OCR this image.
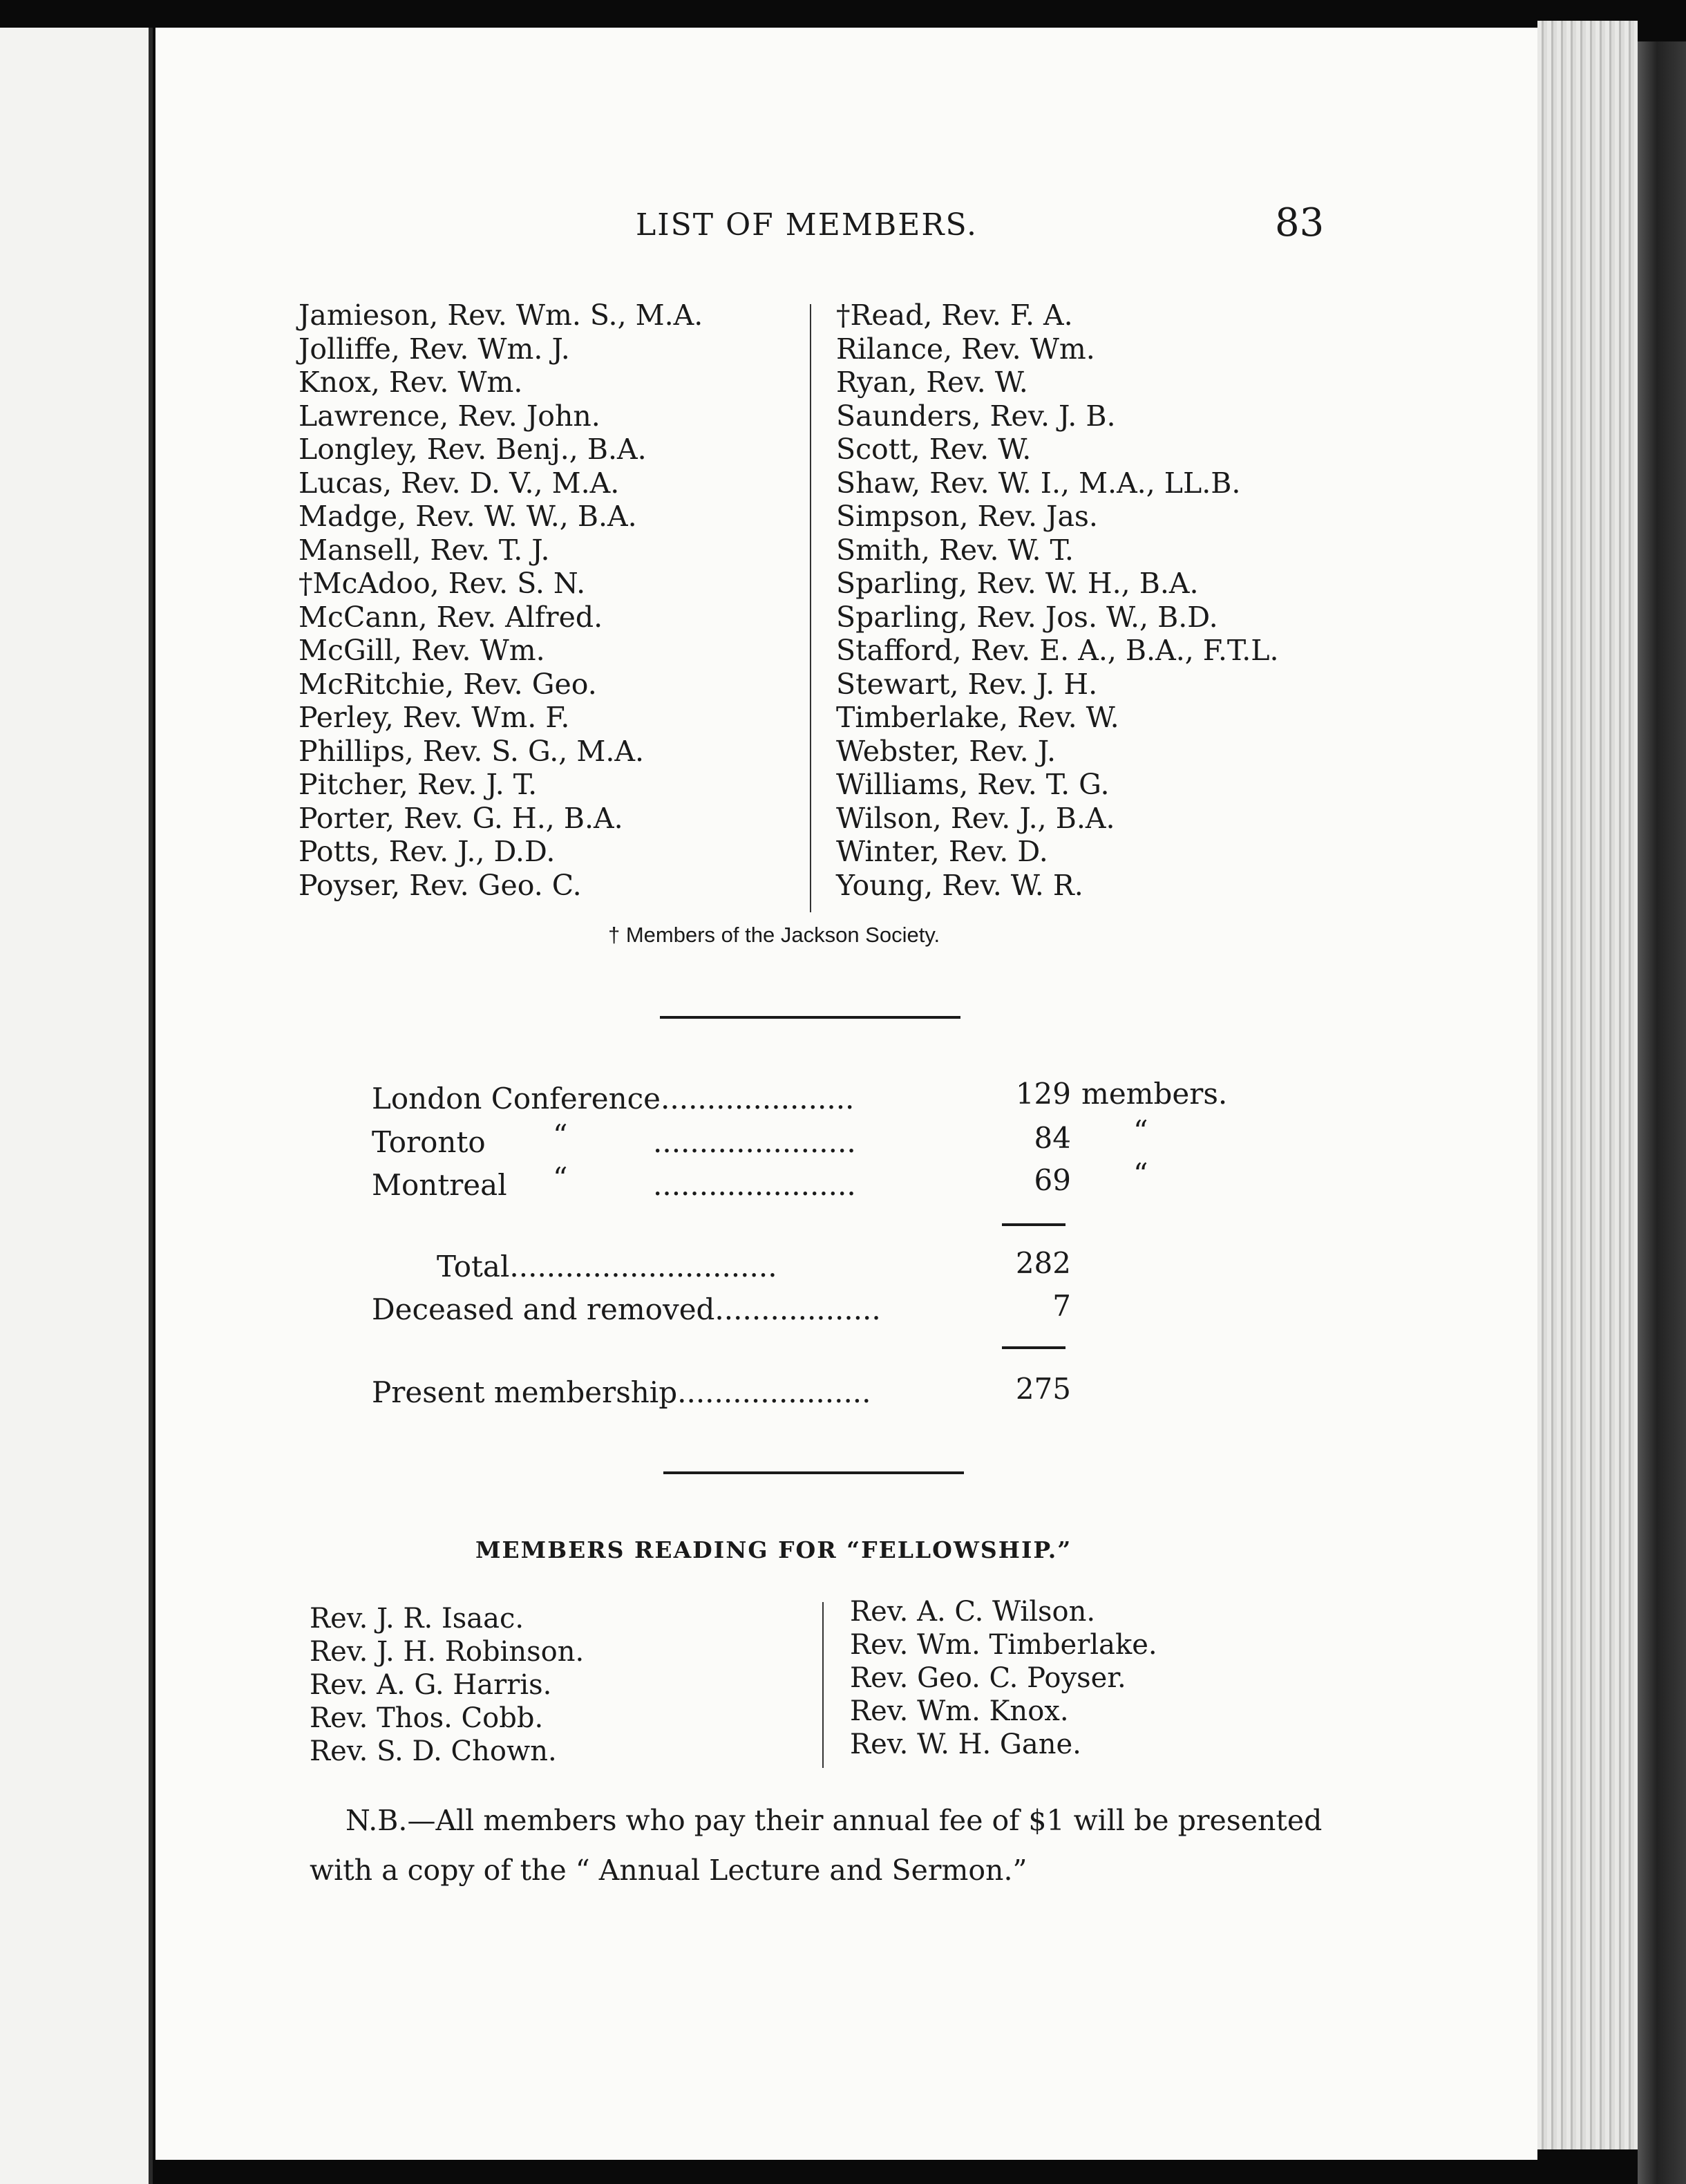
LIST OF MEMBERS.	83
Jamieson, Rev. Wm. S., M.A.
Jolliffe, Rev. Wm. J.
Knox, Rev. Wm.
Lawrence, Rev. John.
Longley, Rev. Benj., B.A.
Lucas, Rev. D. V., M.A.
Madge, Rev. W. W., B.A.
Mansell, Rev. T. J.
†McAdoo, Rev. S. N.
McCann, Rev. Alfred.
McGill, Rev. Wm.
McRitchie, Rev. Geo.
Perley, Rev. Wm. F.
Phillips, Rev. S. G., M.A.
Pitcher, Rev. J. T.
Porter, Rev. G. H., B.A.
Potts, Rev. J., D.D.
Poyser, Rev. Geo. C.
†Read, Rev. F. A.
Rilance, Rev. Wm.
Ryan, Rev. W.
Saunders, Rev. J. B.
Scott, Rev. W.
Shaw, Rev. W. I., M.A., LL.B.
Simpson, Rev. Jas.
Smith, Rev. W. T.
Sparling, Rev. W. H., B.A.
Sparling, Rev. Jos. W., B.D.
Stafford, Rev. E. A., B.A., F.T.L.
Stewart, Rev. J. H.
Timberlake, Rev. W.
Webster, Rev. J.
Williams, Rev. T. G.
Wilson, Rev. J., B.A.
Winter, Rev. D.
Young, Rev. W. R.
† Members of the Jackson Society.
London Conference.....................	129 members.
Toronto “	......................	84 “
Montreal “	......................	69 “
Total.............................	282
Deceased and removed..................	7
Present membership.....................	275
MEMBERS READING FOR “FELLOWSHIP.”
Rev. J. R. Isaac.
Rev. J. H. Robinson.
Rev. A. G. Harris.
Rev. Thos. Cobb.
Rev. S. D. Chown.
Rev. A. C. Wilson.
Rev. Wm. Timberlake.
Rev. Geo. C. Poyser.
Rev. Wm. Knox.
Rev. W. H. Gane.
N.B.—All members who pay their annual fee of $1 will be presented
with a copy of the “ Annual Lecture and Sermon.”
